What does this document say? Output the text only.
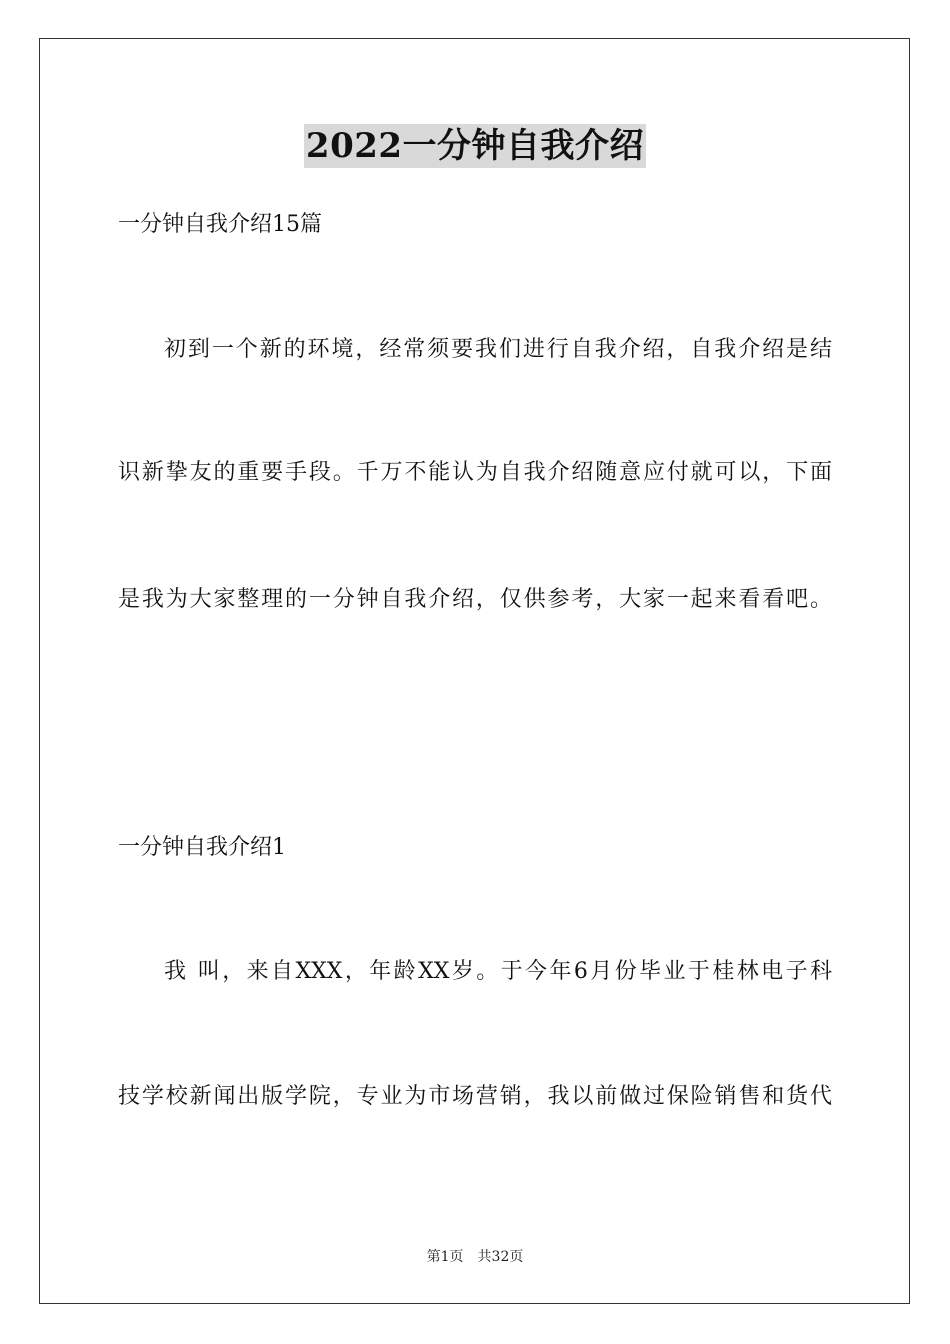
2022一分钟自我介绍
一分钟自我介绍15篇
初到一个新的环境，经常须要我们进行自我介绍，自我介绍是结
识新挚友的重要手段。千万不能认为自我介绍随意应付就可以，下面
是我为大家整理的一分钟自我介绍，仅供参考，大家一起来看看吧。
一分钟自我介绍1
我 叫，来自XXX，年龄XX岁。于今年6月份毕业于桂林电子科
技学校新闻出版学院，专业为市场营销，我以前做过保险销售和货代
第1页　共32页
